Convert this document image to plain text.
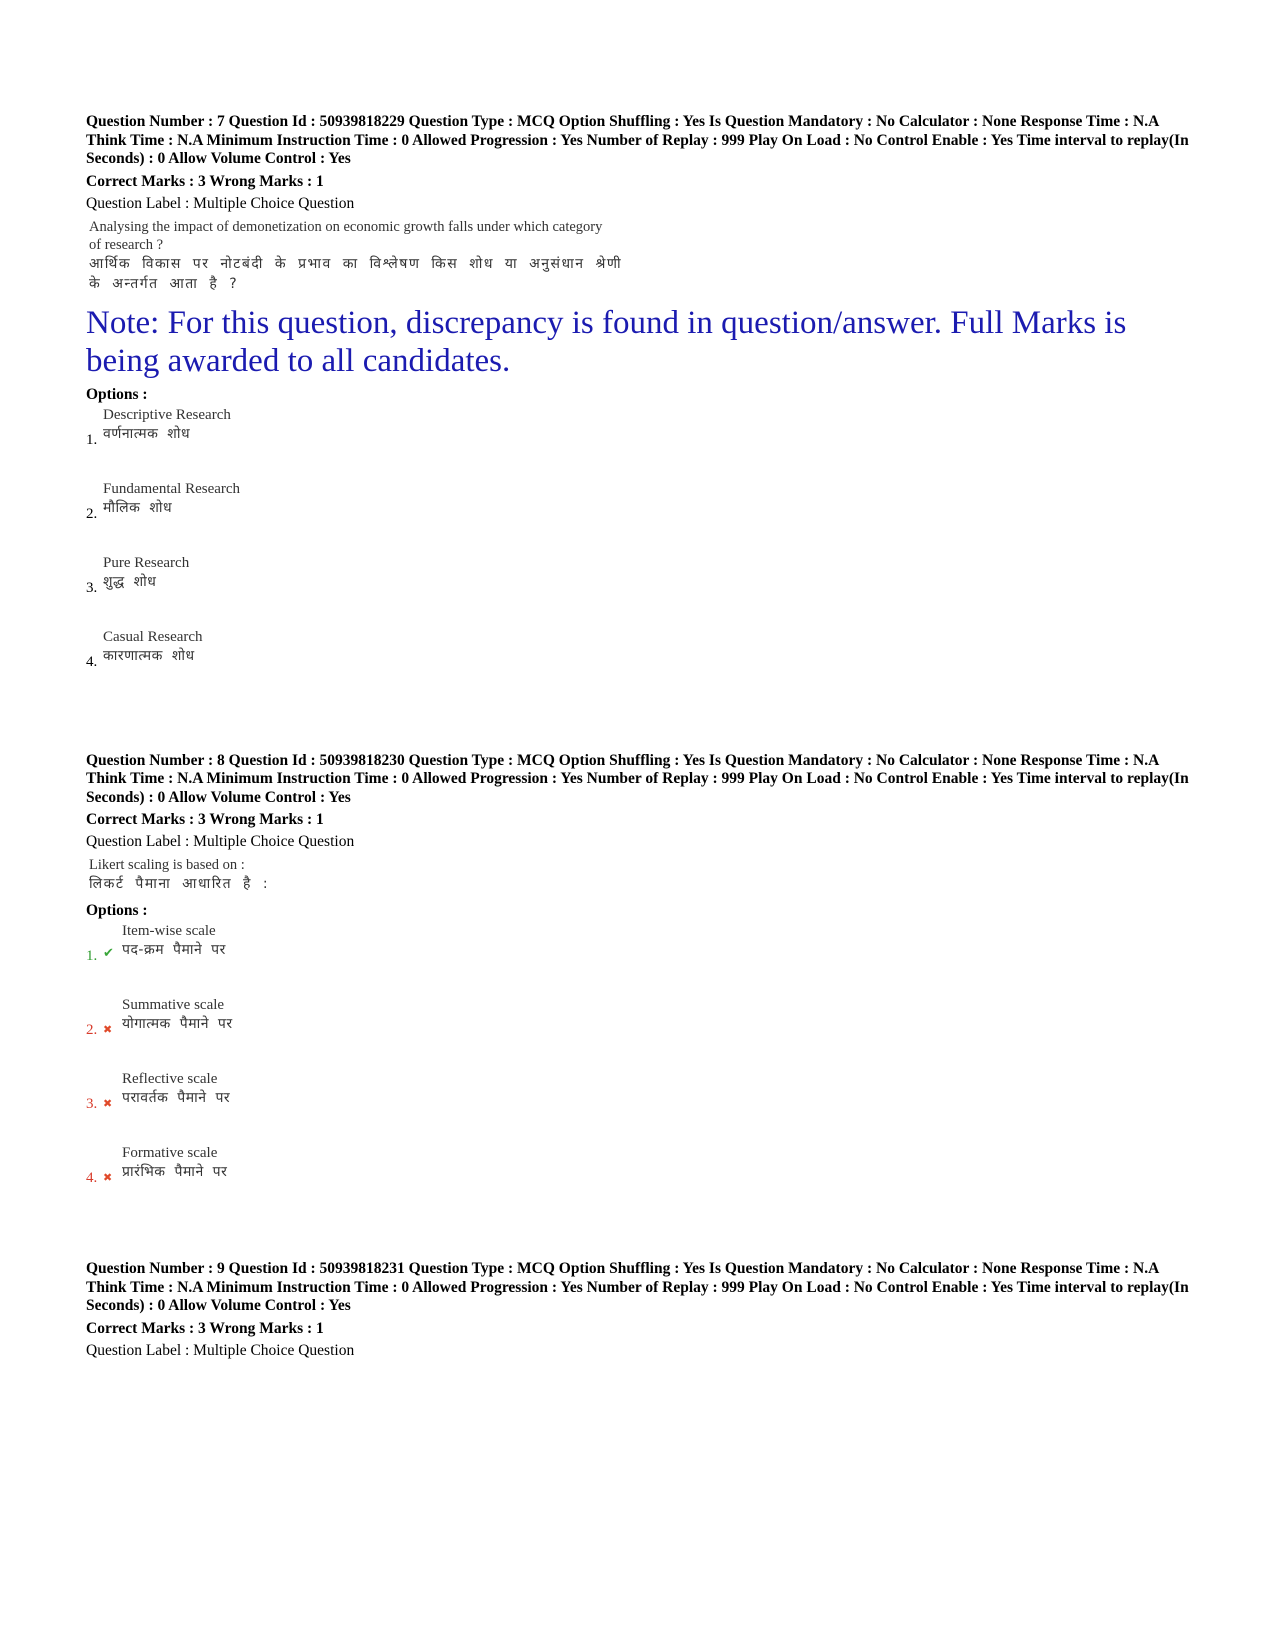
Question Number : 7 Question Id : 50939818229 Question Type : MCQ Option Shuffling : Yes Is Question Mandatory : No Calculator : None Response Time : N.A Think Time : N.A Minimum Instruction Time : 0 Allowed Progression : Yes Number of Replay : 999 Play On Load : No Control Enable : Yes Time interval to replay(In Seconds) : 0 Allow Volume Control : Yes

Correct Marks : 3 Wrong Marks : 1
Question Label : Multiple Choice Question
Analysing the impact of demonetization on economic growth falls under which category
of research ?
आर्थिक विकास पर नोटबंदी के प्रभाव का विश्लेषण किस शोध या अनुसंधान श्रेणी
के अन्तर्गत आता है ?
Note: For this question, discrepancy is found in question/answer. Full Marks is being awarded to all candidates.
Options :
1.
Descriptive Research
वर्णनात्मक शोध
2.
Fundamental Research
मौलिक शोध
3.
Pure Research
शुद्ध शोध
4.
Casual Research
कारणात्मक शोध

Question Number : 8 Question Id : 50939818230 Question Type : MCQ Option Shuffling : Yes Is Question Mandatory : No Calculator : None Response Time : N.A Think Time : N.A Minimum Instruction Time : 0 Allowed Progression : Yes Number of Replay : 999 Play On Load : No Control Enable : Yes Time interval to replay(In Seconds) : 0 Allow Volume Control : Yes

Correct Marks : 3 Wrong Marks : 1
Question Label : Multiple Choice Question
Likert scaling is based on :
लिकर्ट पैमाना आधारित है :
Options :
1. ✔
Item-wise scale
पद-क्रम पैमाने पर
2. ✖
Summative scale
योगात्मक पैमाने पर
3. ✖
Reflective scale
परावर्तक पैमाने पर
4. ✖
Formative scale
प्रारंभिक पैमाने पर

Question Number : 9 Question Id : 50939818231 Question Type : MCQ Option Shuffling : Yes Is Question Mandatory : No Calculator : None Response Time : N.A Think Time : N.A Minimum Instruction Time : 0 Allowed Progression : Yes Number of Replay : 999 Play On Load : No Control Enable : Yes Time interval to replay(In Seconds) : 0 Allow Volume Control : Yes

Correct Marks : 3 Wrong Marks : 1
Question Label : Multiple Choice Question
